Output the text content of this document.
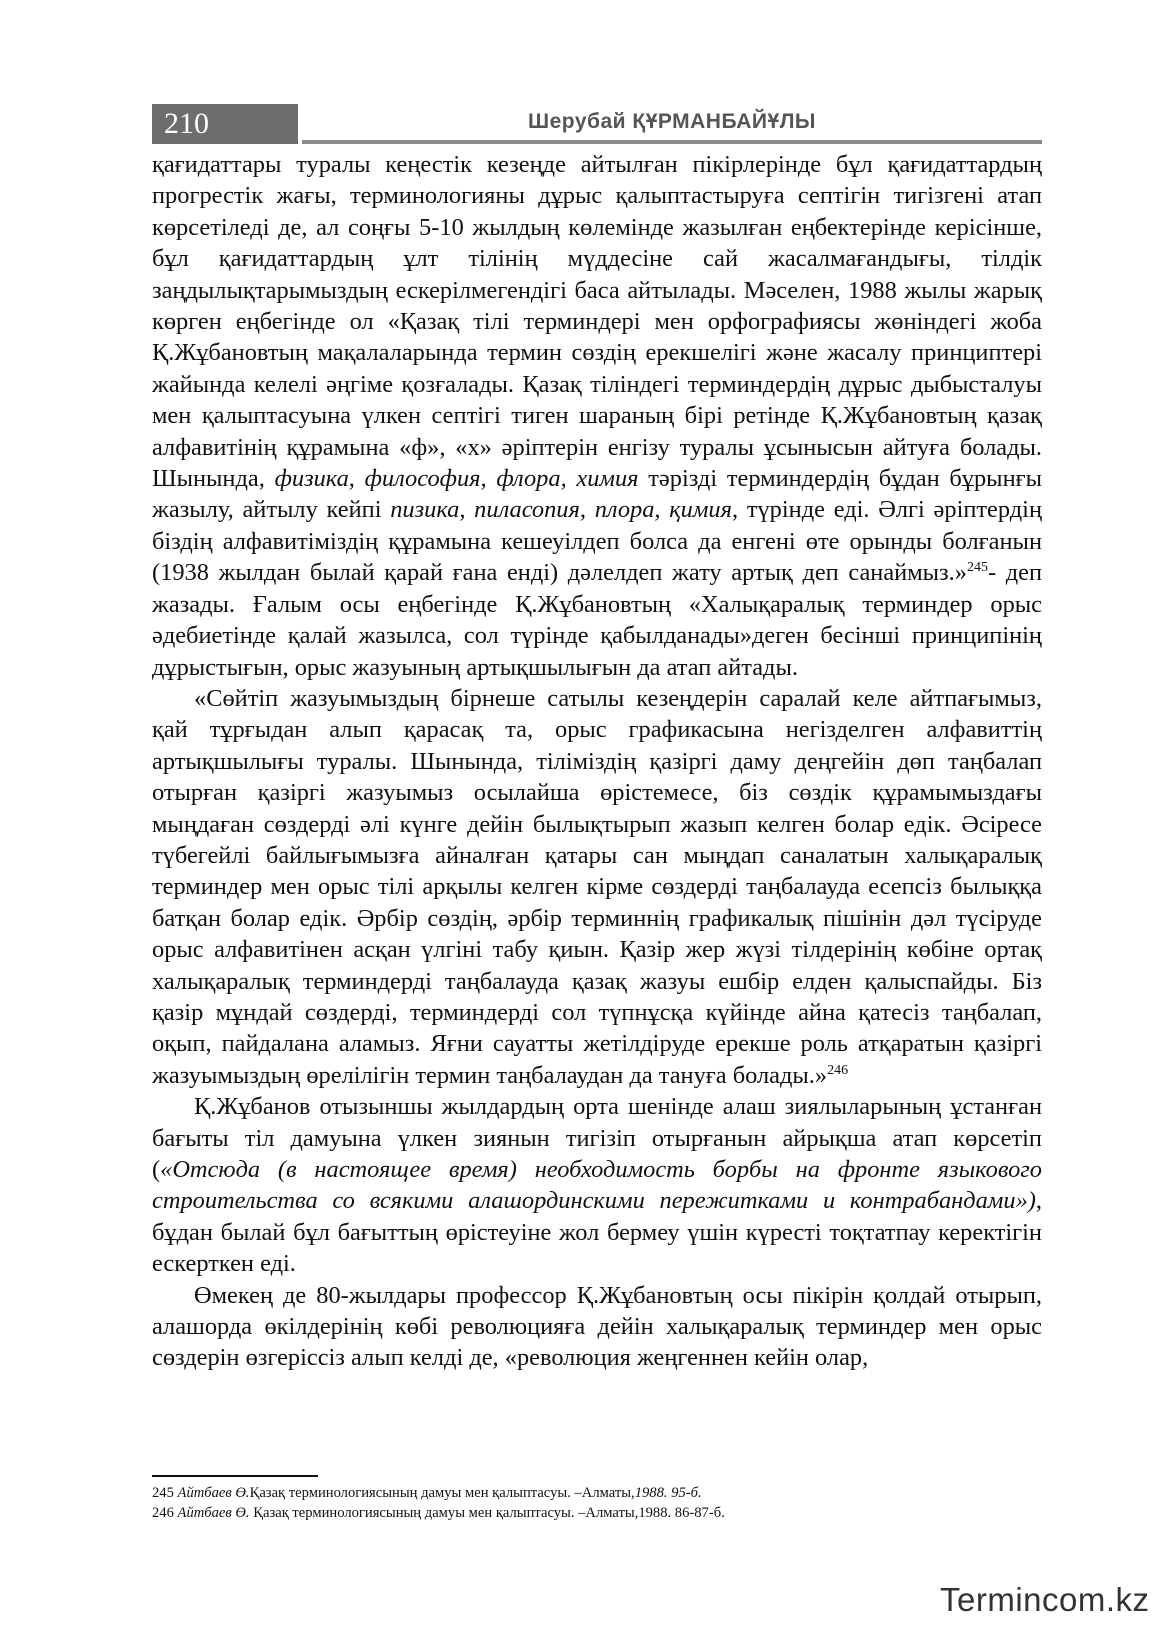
210	Шерубай ҚҰРМАНБАЙҰЛЫ

қағидаттары туралы кеңестік кезеңде айтылған пікірлерінде бұл қағидаттардың прогрестік жағы, терминологияны дұрыс қалыптастыруға септігін тигізгені атап көрсетіледі де, ал соңғы 5-10 жылдың көлемінде жазылған еңбектерінде керісінше, бұл қағидаттардың ұлт тілінің мүддесіне сай жасалмағандығы, тілдік заңдылықтарымыздың ескерілмегендігі баса айтылады. Мәселен, 1988 жылы жарық көрген еңбегінде ол «Қазақ тілі терминдері мен орфографиясы жөніндегі жоба Қ.Жұбановтың мақалаларында термин сөздің ерекшелігі және жасалу принциптері жайында келелі әңгіме қозғалады. Қазақ тіліндегі терминдердің дұрыс дыбысталуы мен қалыптасуына үлкен септігі тиген шараның бірі ретінде Қ.Жұбановтың қазақ алфавитінің құрамына «ф», «х» әріптерін енгізу туралы ұсынысын айтуға болады. Шынында, физика, философия, флора, химия тәрізді терминдердің бұдан бұрынғы жазылу, айтылу кейпі пизика, пиласопия, плора, қимия, түрінде еді. Әлгі әріптердің біздің алфавитіміздің құрамына кешеуілдеп болса да енгені өте орынды болғанын (1938 жылдан былай қарай ғана енді) дәлелдеп жату артық деп санаймыз.»$^{245}$- деп жазады. Ғалым осы еңбегінде Қ.Жұбановтың «Халықаралық терминдер орыс әдебиетінде қалай жазылса, сол түрінде қабылданады»деген бесінші принципінің дұрыстығын, орыс жазуының артықшылығын да атап айтады.

«Сөйтіп жазуымыздың бірнеше сатылы кезеңдерін саралай келе айтпағымыз, қай тұрғыдан алып қарасақ та, орыс графикасына негізделген алфавиттің артықшылығы туралы. Шынында, тіліміздің қазіргі даму деңгейін дөп таңбалап отырған қазіргі жазуымыз осылайша өрістемесе, біз сөздік құрамымыздағы мыңдаған сөздерді әлі күнге дейін былықтырып жазып келген болар едік. Әсіресе түбегейлі байлығымызға айналған қатары сан мыңдап саналатын халықаралық терминдер мен орыс тілі арқылы келген кірме сөздерді таңбалауда есепсіз былыққа батқан болар едік. Әрбір сөздің, әрбір терминнің графикалық пішінін дәл түсіруде орыс алфавитінен асқан үлгіні табу қиын. Қазір жер жүзі тілдерінің көбіне ортақ халықаралық терминдерді таңбалауда қазақ жазуы ешбір елден қалыспайды. Біз қазір мұндай сөздерді, терминдерді сол түпнұсқа күйінде айна қатесіз таңбалап, оқып, пайдалана аламыз. Яғни сауатты жетілдіруде ерекше роль атқаратын қазіргі жазуымыздың өрелілігін термин таңбалаудан да тануға болады.»$^{246}$

Қ.Жұбанов отызыншы жылдардың орта шенінде алаш зиялыларының ұстанған бағыты тіл дамуына үлкен зиянын тигізіп отырғанын айрықша атап көрсетіп («Отсюда (в настоящее время) необходимость борбы на фронте языкового строительства со всякими алашординскими пережитками и контрабандами»), бұдан былай бұл бағыттың өрістеуіне жол бермеу үшін күресті тоқтатпау керектігін ескерткен еді.

Өмекең де 80-жылдары профессор Қ.Жұбановтың осы пікірін қолдай отырып, алашорда өкілдерінің көбі революцияға дейін халықаралық терминдер мен орыс сөздерін өзгеріссіз алып келді де, «революция жеңгеннен кейін олар,

245 Айтбаев Ө.Қазақ терминологиясының дамуы мен қалыптасуы. –Алматы,1988. 95-б.
246 Айтбаев Ө. Қазақ терминологиясының дамуы мен қалыптасуы. –Алматы,1988. 86-87-б.
Termincom.kz
